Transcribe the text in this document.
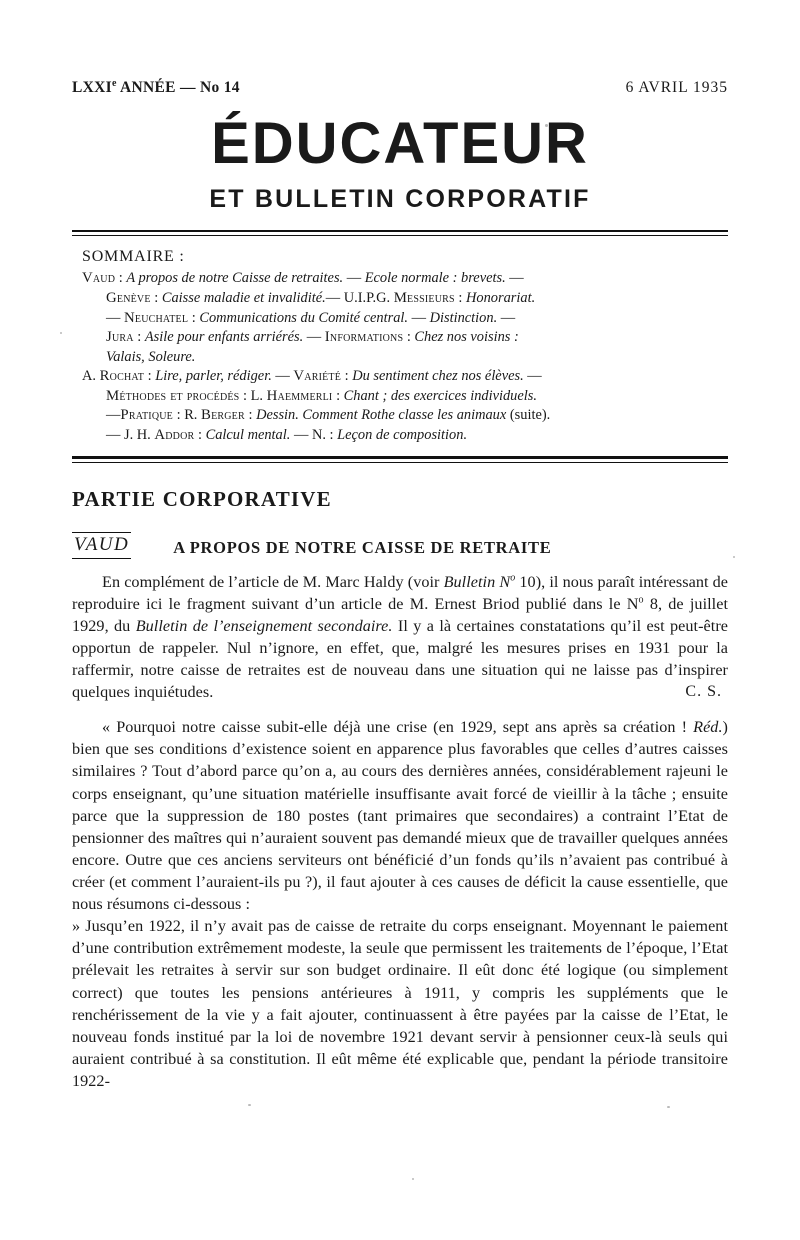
LXXIe ANNÉE — No 14	6 AVRIL 1935
ÉDUCATEUR
ET BULLETIN CORPORATIF
SOMMAIRE :
Vaud : A propos de notre Caisse de retraites. — Ecole normale : brevets. —
Genève : Caisse maladie et invalidité.— U.I.P.G. Messieurs : Honorariat.
— Neuchatel : Communications du Comité central. — Distinction. —
Jura : Asile pour enfants arriérés. — Informations : Chez nos voisins :
Valais, Soleure.
A. Rochat : Lire, parler, rédiger. — Variété : Du sentiment chez nos élèves. —
Méthodes et procédés : L. Haemmerli : Chant ; des exercices individuels.
—Pratique : R. Berger : Dessin. Comment Rothe classe les animaux (suite).
— J. H. Addor : Calcul mental. — N. : Leçon de composition.
PARTIE CORPORATIVE
VAUD	A PROPOS DE NOTRE CAISSE DE RETRAITE

En complément de l’article de M. Marc Haldy (voir Bulletin $N^o$ 10), il nous paraît intéressant de reproduire ici le fragment suivant d’un article de M. Ernest Briod publié dans le $N^o$ 8, de juillet 1929, du Bulletin de l’enseignement secondaire. Il y a là certaines constatations qu’il est peut-être opportun de rappeler. Nul n’ignore, en effet, que, malgré les mesures prises en 1931 pour la raffermir, notre caisse de retraites est de nouveau dans une situation qui ne laisse pas d’inspirer quelques inquiétudes.	C. S.

« Pourquoi notre caisse subit-elle déjà une crise (en 1929, sept ans après sa création ! Réd.) bien que ses conditions d’existence soient en apparence plus favorables que celles d’autres caisses similaires ? Tout d’abord parce qu’on a, au cours des dernières années, considérablement rajeuni le corps enseignant, qu’une situation matérielle insuffisante avait forcé de vieillir à la tâche ; ensuite parce que la suppression de 180 postes (tant primaires que secondaires) a contraint l’Etat de pensionner des maîtres qui n’auraient souvent pas demandé mieux que de travailler quelques années encore. Outre que ces anciens serviteurs ont bénéficié d’un fonds qu’ils n’avaient pas contribué à créer (et comment l’auraient-ils pu ?), il faut ajouter à ces causes de déficit la cause essentielle, que nous résumons ci-dessous :

» Jusqu’en 1922, il n’y avait pas de caisse de retraite du corps enseignant. Moyennant le paiement d’une contribution extrêmement modeste, la seule que permissent les traitements de l’époque, l’Etat prélevait les retraites à servir sur son budget ordinaire. Il eût donc été logique (ou simplement correct) que toutes les pensions antérieures à 1911, y compris les suppléments que le renchérissement de la vie y a fait ajouter, continuassent à être payées par la caisse de l’Etat, le nouveau fonds institué par la loi de novembre 1921 devant servir à pensionner ceux-là seuls qui auraient contribué à sa constitution. Il eût même été explicable que, pendant la période transitoire 1922-
